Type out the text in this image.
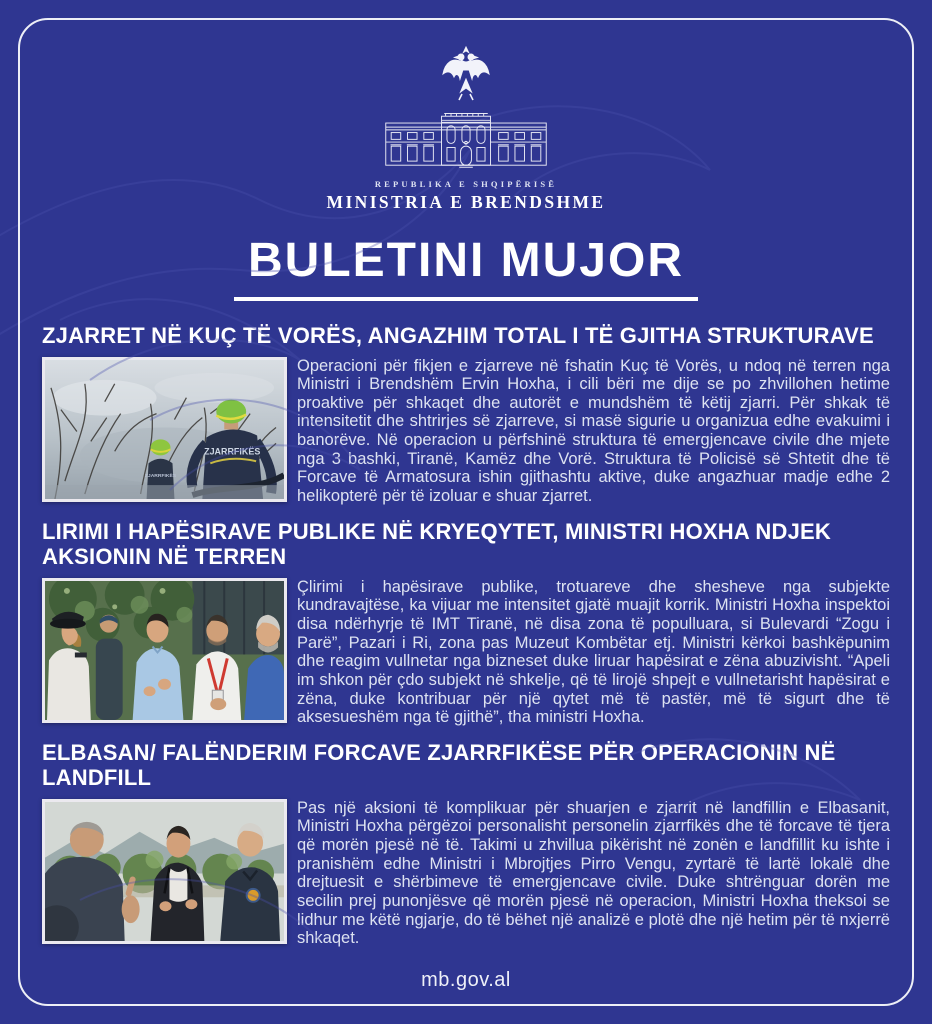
REPUBLIKA E SHQIPËRISË
MINISTRIA E BRENDSHME
BULETINI MUJOR
ZJARRET NË KUÇ TË VORËS, ANGAZHIM TOTAL I TË GJITHA STRUKTURAVE
ZJARRFIKËS
ZJARRFIKËS
Operacioni për fikjen e zjarreve në fshatin Kuç të Vorës, u ndoq në terren nga Ministri i Brendshëm Ervin Hoxha, i cili bëri me dije se po zhvillohen hetime proaktive për shkaqet dhe autorët e mundshëm të këtij zjarri. Për shkak të intensitetit dhe shtrirjes së zjarreve, si masë sigurie u organizua edhe evakuimi i banorëve. Në operacion u përfshinë struktura të emergjencave civile dhe mjete nga 3 bashki, Tiranë, Kamëz dhe Vorë. Struktura të Policisë së Shtetit dhe të Forcave të Armatosura ishin gjithashtu aktive, duke angazhuar madje edhe 2 helikopterë për të izoluar e shuar zjarret.
LIRIMI I HAPËSIRAVE PUBLIKE NË KRYEQYTET, MINISTRI HOXHA NDJEK AKSIONIN NË TERREN
Çlirimi i hapësirave publike, trotuareve dhe shesheve nga subjekte kundravajtëse, ka vijuar me intensitet gjatë muajit korrik. Ministri Hoxha inspektoi disa ndërhyrje të IMT Tiranë, në disa zona të populluara, si Bulevardi “Zogu i Parë”, Pazari i Ri, zona pas Muzeut Kombëtar etj. Ministri kërkoi bashkëpunim dhe reagim vullnetar nga bizneset duke liruar hapësirat e zëna abuzivisht. “Apeli im shkon për çdo subjekt në shkelje, që të lirojë shpejt e vullnetarisht hapësirat e zëna, duke kontribuar për një qytet më të pastër, më të sigurt dhe të aksesueshëm nga të gjithë”, tha ministri Hoxha.
ELBASAN/ FALËNDERIM FORCAVE ZJARRFIKËSE PËR OPERACIONIN NË LANDFILL
Pas një aksioni të komplikuar për shuarjen e zjarrit në landfillin e Elbasanit, Ministri Hoxha përgëzoi personalisht personelin zjarrfikës dhe të forcave të tjera që morën pjesë në të. Takimi u zhvillua pikërisht në zonën e landfillit ku ishte i pranishëm edhe Ministri i Mbrojtjes Pirro Vengu, zyrtarë të lartë lokalë dhe drejtuesit e shërbimeve të emergjencave civile. Duke shtrënguar dorën me secilin prej punonjësve që morën pjesë në operacion, Ministri Hoxha theksoi se lidhur me këtë ngjarje, do të bëhet një analizë e plotë dhe një hetim për të nxjerrë shkaqet.
mb.gov.al
